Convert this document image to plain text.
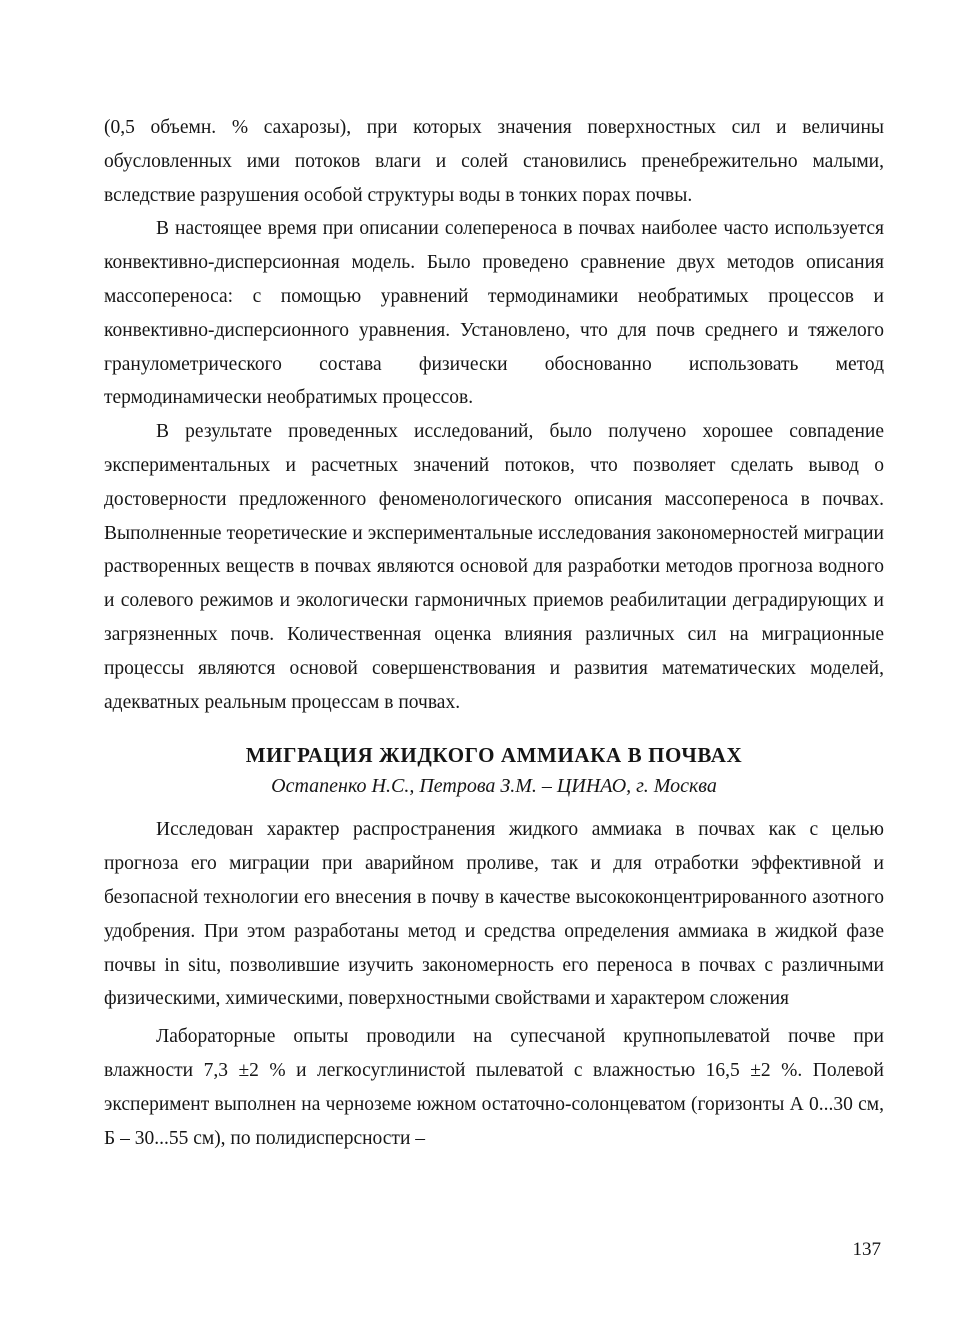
(0,5 объемн. % сахарозы), при которых значения поверхностных сил и величины обусловленных ими потоков влаги и солей становились пренебрежительно малыми, вследствие разрушения особой структуры воды в тонких порах почвы.

В настоящее время при описании солепереноса в почвах наиболее часто используется конвективно-дисперсионная модель. Было проведено сравнение двух методов описания массопереноса: с помощью уравнений термодинамики необратимых процессов и конвективно-дисперсионного уравнения. Установлено, что для почв среднего и тяжелого гранулометрического состава физически обоснованно использовать метод термодинамически необратимых процессов.

В результате проведенных исследований, было получено хорошее совпадение экспериментальных и расчетных значений потоков, что позволяет сделать вывод о достоверности предложенного феноменологического описания массопереноса в почвах. Выполненные теоретические и экспериментальные исследования закономерностей миграции растворенных веществ в почвах являются основой для разработки методов прогноза водного и солевого режимов и экологически гармоничных приемов реабилитации деградирующих и загрязненных почв. Количественная оценка влияния различных сил на миграционные процессы являются основой совершенствования и развития математических моделей, адекватных реальным процессам в почвах.

МИГРАЦИЯ ЖИДКОГО АММИАКА В ПОЧВАХ
Остапенко Н.С., Петрова З.М. – ЦИНАО, г. Москва

Исследован характер распространения жидкого аммиака в почвах как с целью прогноза его миграции при аварийном проливе, так и для отработки эффективной и безопасной технологии его внесения в почву в качестве высококонцентрированного азотного удобрения. При этом разработаны метод и средства определения аммиака в жидкой фазе почвы in situ, позволившие изучить закономерность его переноса в почвах с различными физическими, химическими, поверхностными свойствами и характером сложения

Лабораторные опыты проводили на супесчаной крупнопылеватой почве при влажности 7,3 ±2 % и легкосуглинистой пылеватой с влажностью 16,5 ±2 %. Полевой эксперимент выполнен на черноземе южном остаточно-солонцеватом (горизонты А 0...30 см, Б – 30...55 см), по полидисперсности –

137
